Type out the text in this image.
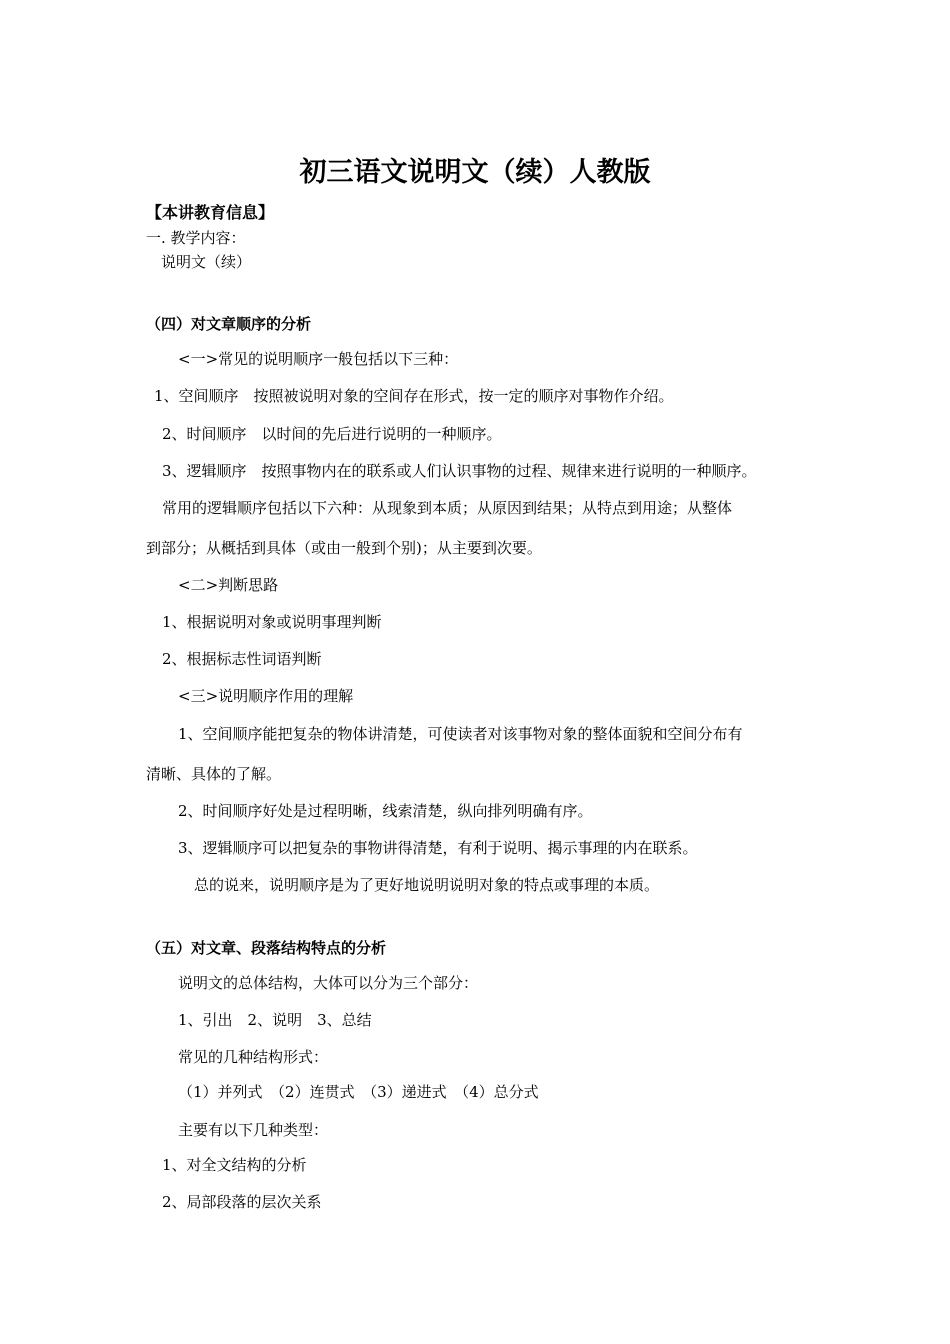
初三语文说明文（续）人教版
【本讲教育信息】
一. 教学内容：
说明文（续）
（四）对文章顺序的分析
<一>常见的说明顺序一般包括以下三种：
1、空间顺序　按照被说明对象的空间存在形式，按一定的顺序对事物作介绍。
2、时间顺序　以时间的先后进行说明的一种顺序。
3、逻辑顺序　按照事物内在的联系或人们认识事物的过程、规律来进行说明的一种顺序。
常用的逻辑顺序包括以下六种：从现象到本质；从原因到结果；从特点到用途；从整体
到部分；从概括到具体（或由一般到个别)；从主要到次要。
<二>判断思路
1、根据说明对象或说明事理判断
2、根据标志性词语判断
<三>说明顺序作用的理解
1、空间顺序能把复杂的物体讲清楚，可使读者对该事物对象的整体面貌和空间分布有
清晰、具体的了解。
2、时间顺序好处是过程明晰，线索清楚，纵向排列明确有序。
3、逻辑顺序可以把复杂的事物讲得清楚，有利于说明、揭示事理的内在联系。
总的说来，说明顺序是为了更好地说明说明对象的特点或事理的本质。
（五）对文章、段落结构特点的分析
说明文的总体结构，大体可以分为三个部分：
1、引出　2、说明　3、总结
常见的几种结构形式：
（1）并列式　（2）连贯式　（3）递进式　（4）总分式
主要有以下几种类型：
1、对全文结构的分析
2、局部段落的层次关系
